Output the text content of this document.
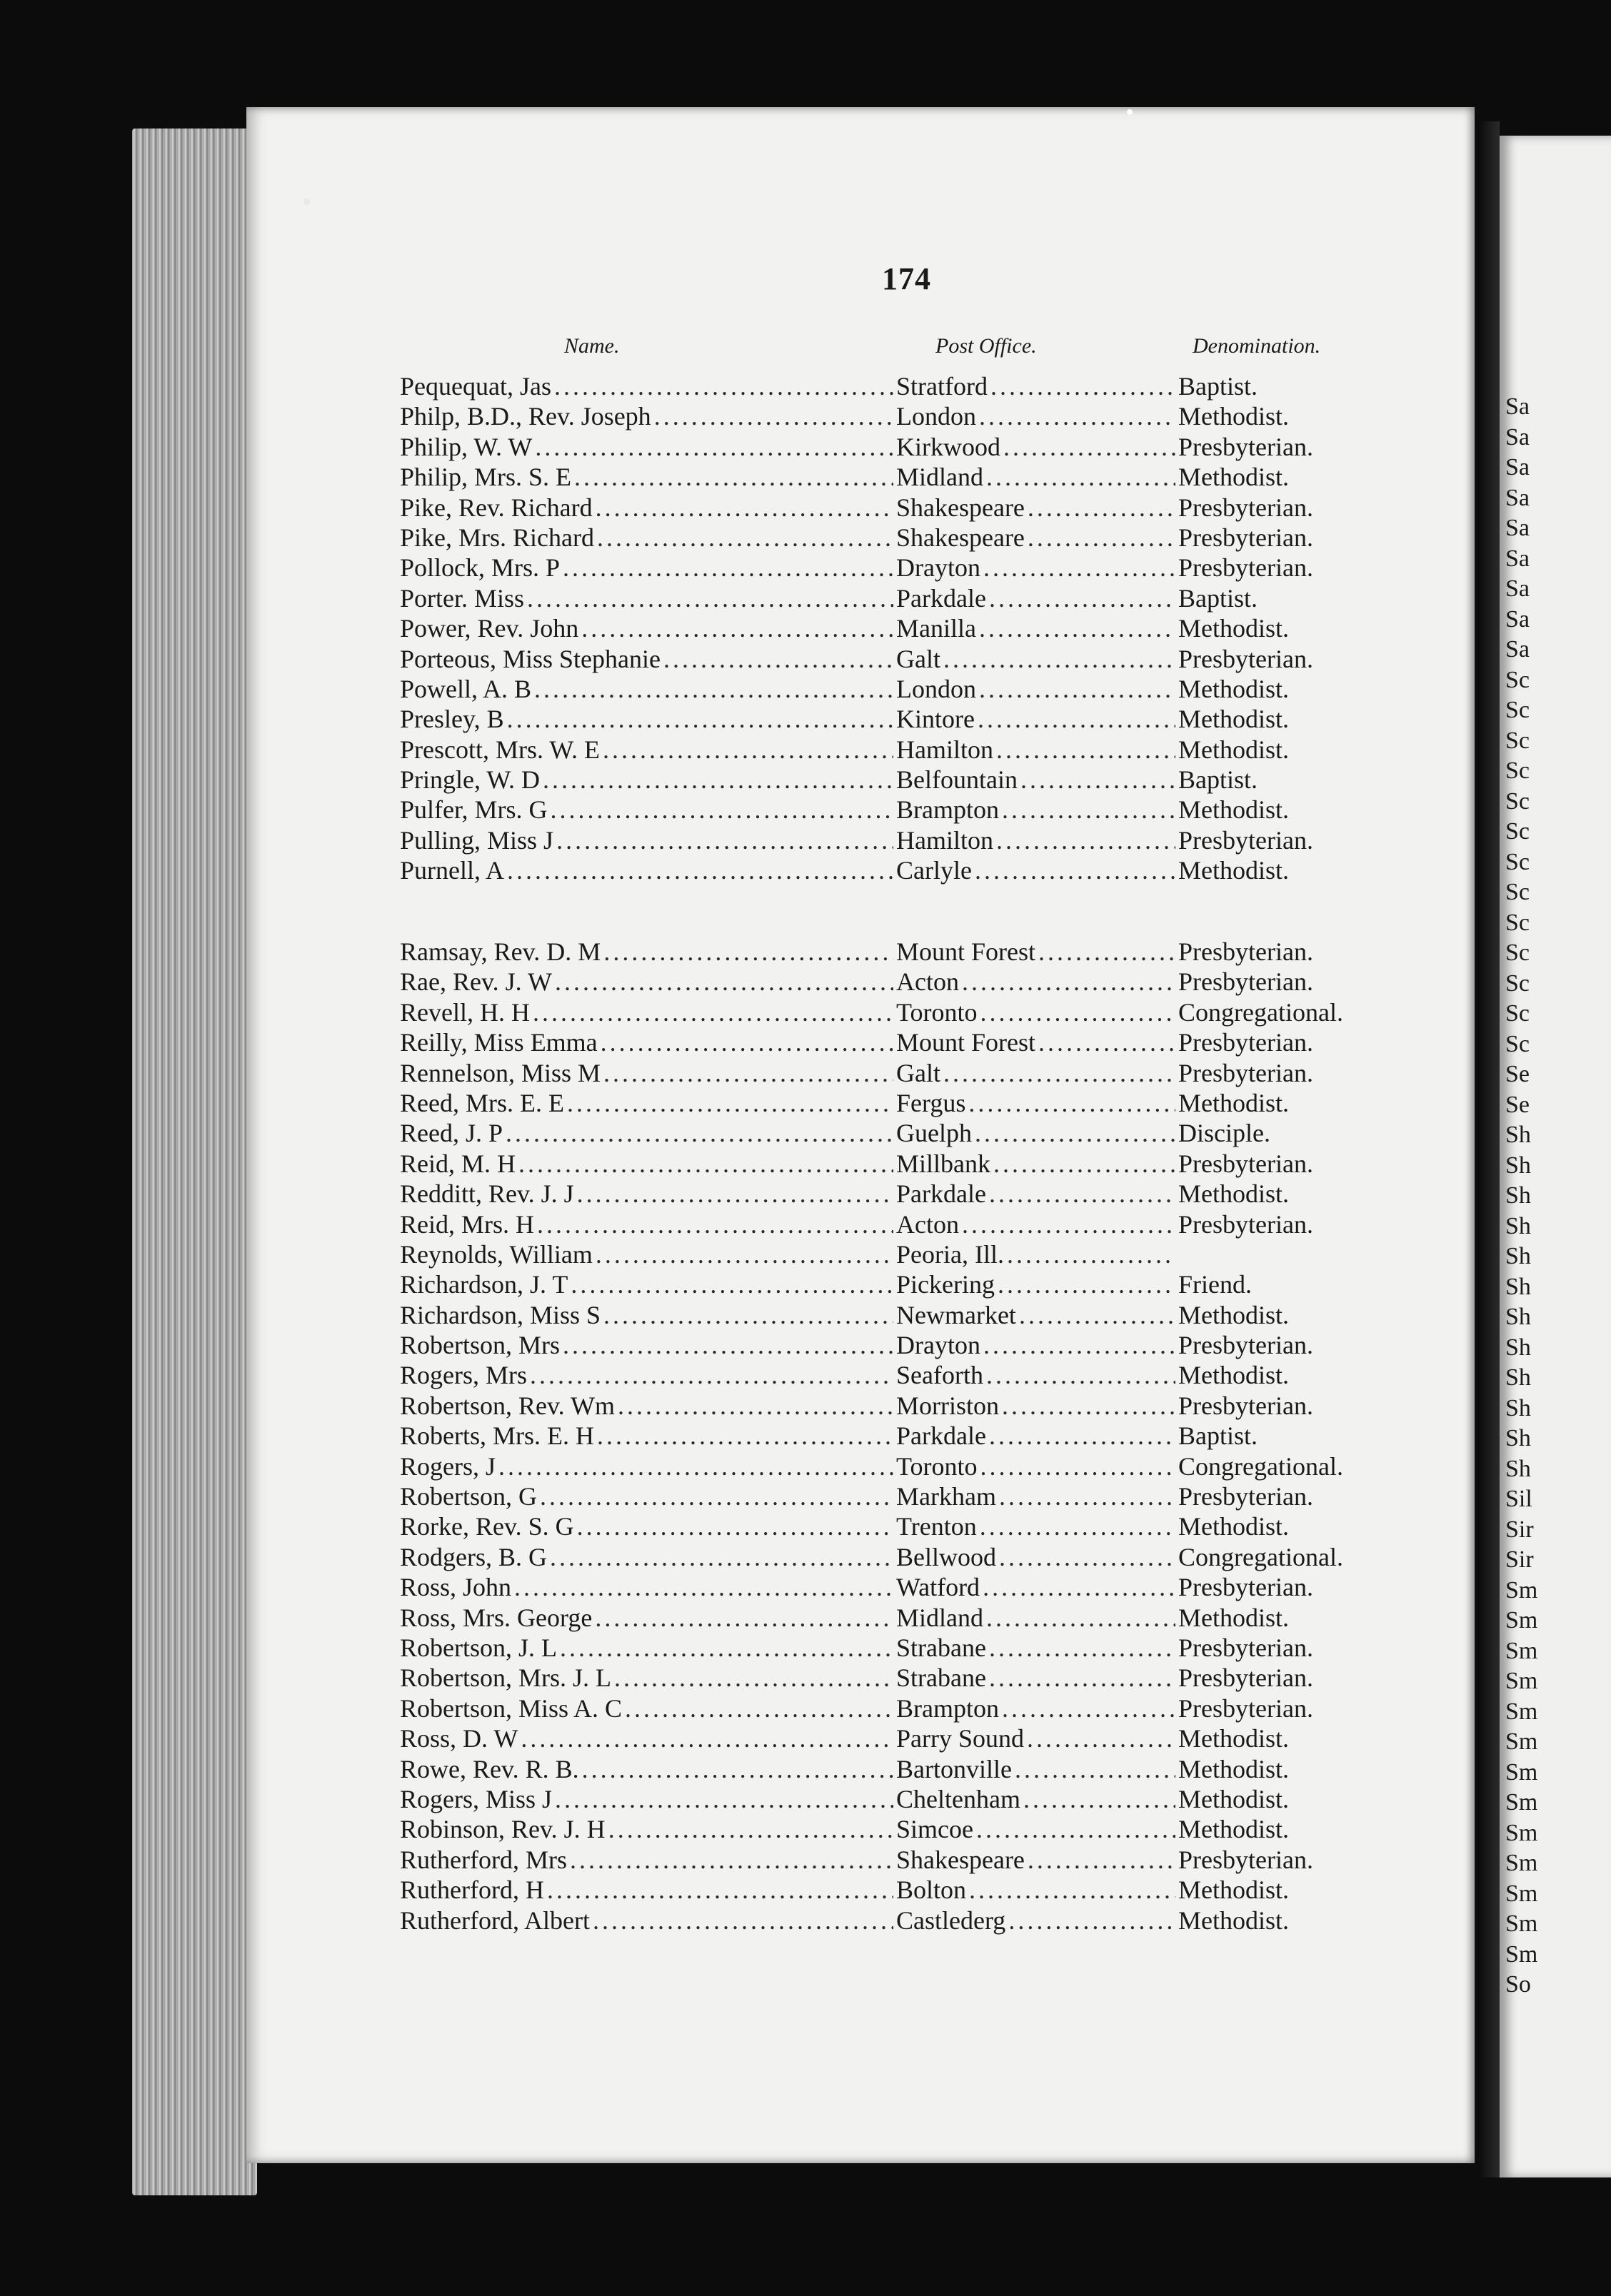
Sa
Sa
Sa
Sa
Sa
Sa
Sa
Sa
Sa
Sc
Sc
Sc
Sc
Sc
Sc
Sc
Sc
Sc
Sc
Sc
Sc
Sc
Se
Se
Sh
Sh
Sh
Sh
Sh
Sh
Sh
Sh
Sh
Sh
Sh
Sh
Sil
Sir
Sir
Sm
Sm
Sm
Sm
Sm
Sm
Sm
Sm
Sm
Sm
Sm
Sm
Sm
So
174
Name.	Post Office.	Denomination.
Pequequat, Jas .....	Stratford .....	Baptist.
Philp, B.D., Rev. Joseph .....	London .....	Methodist.
Philip, W. W .....	Kirkwood .....	Presbyterian.
Philip, Mrs. S. E .....	Midland .....	Methodist.
Pike, Rev. Richard .....	Shakespeare .....	Presbyterian.
Pike, Mrs. Richard .....	Shakespeare .....	Presbyterian.
Pollock, Mrs. P .....	Drayton .....	Presbyterian.
Porter. Miss .....	Parkdale .....	Baptist.
Power, Rev. John .....	Manilla .....	Methodist.
Porteous, Miss Stephanie .....	Galt .....	Presbyterian.
Powell, A. B .....	London .....	Methodist.
Presley, B .....	Kintore .....	Methodist.
Prescott, Mrs. W. E .....	Hamilton .....	Methodist.
Pringle, W. D .....	Belfountain .....	Baptist.
Pulfer, Mrs. G .....	Brampton .....	Methodist.
Pulling, Miss J .....	Hamilton .....	Presbyterian.
Purnell, A .....	Carlyle .....	Methodist.
Ramsay, Rev. D. M .....	Mount Forest .....	Presbyterian.
Rae, Rev. J. W .....	Acton .....	Presbyterian.
Revell, H. H .....	Toronto .....	Congregational.
Reilly, Miss Emma .....	Mount Forest .....	Presbyterian.
Rennelson, Miss M .....	Galt .....	Presbyterian.
Reed, Mrs. E. E .....	Fergus .....	Methodist.
Reed, J. P .....	Guelph .....	Disciple.
Reid, M. H .....	Millbank .....	Presbyterian.
Redditt, Rev. J. J .....	Parkdale .....	Methodist.
Reid, Mrs. H .....	Acton .....	Presbyterian.
Reynolds, William .....	Peoria, Ill.
.....
Richardson, J. T .....	Pickering .....	Friend.
Richardson, Miss S .....	Newmarket .....	Methodist.
Robertson, Mrs .....	Drayton .....	Presbyterian.
Rogers, Mrs .....	Seaforth .....	Methodist.
Robertson, Rev. Wm .....	Morriston .....	Presbyterian.
Roberts, Mrs. E. H .....	Parkdale .....	Baptist.
Rogers, J .....	Toronto .....	Congregational.
Robertson, G .....	Markham .....	Presbyterian.
Rorke, Rev. S. G .....	Trenton .....	Methodist.
Rodgers, B. G .....	Bellwood .....	Congregational.
Ross, John .....	Watford .....	Presbyterian.
Ross, Mrs. George .....	Midland .....	Methodist.
Robertson, J. L .....	Strabane .....	Presbyterian.
Robertson, Mrs. J. L .....	Strabane .....	Presbyterian.
Robertson, Miss A. C .....	Brampton .....	Presbyterian.
Ross, D. W .....	Parry Sound .....	Methodist.
Rowe, Rev. R. B. .....	Bartonville .....	Methodist.
Rogers, Miss J .....	Cheltenham .....	Methodist.
Robinson, Rev. J. H .....	Simcoe .....	Methodist.
Rutherford, Mrs .....	Shakespeare .....	Presbyterian.
Rutherford, H .....	Bolton .....	Methodist.
Rutherford, Albert .....	Castlederg .....	Methodist.
